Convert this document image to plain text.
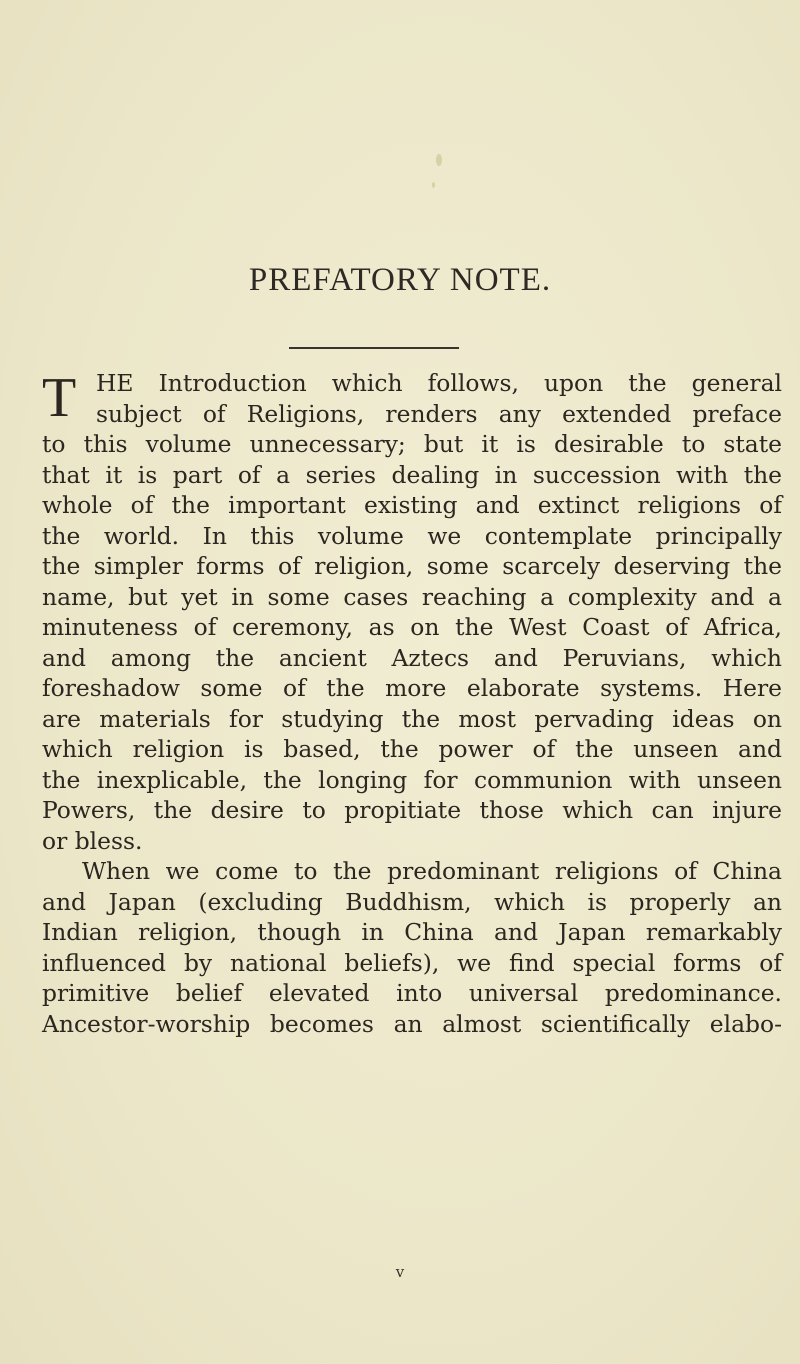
PREFATORY NOTE.
T HE Introduction which follows, upon the general
subject of Religions, renders any extended preface
to this volume unnecessary; but it is desirable to state
that it is part of a series dealing in succession with the
whole of the important existing and extinct religions of
the world. In this volume we contemplate principally
the simpler forms of religion, some scarcely deserving the
name, but yet in some cases reaching a complexity and a
minuteness of ceremony, as on the West Coast of Africa,
and among the ancient Aztecs and Peruvians, which
foreshadow some of the more elaborate systems. Here
are materials for studying the most pervading ideas on
which religion is based, the power of the unseen and
the inexplicable, the longing for communion with unseen
Powers, the desire to propitiate those which can injure
or bless.
When we come to the predominant religions of China
and Japan (excluding Buddhism, which is properly an
Indian religion, though in China and Japan remarkably
influenced by national beliefs), we find special forms of
primitive belief elevated into universal predominance.
Ancestor-worship becomes an almost scientifically elabo-
v
